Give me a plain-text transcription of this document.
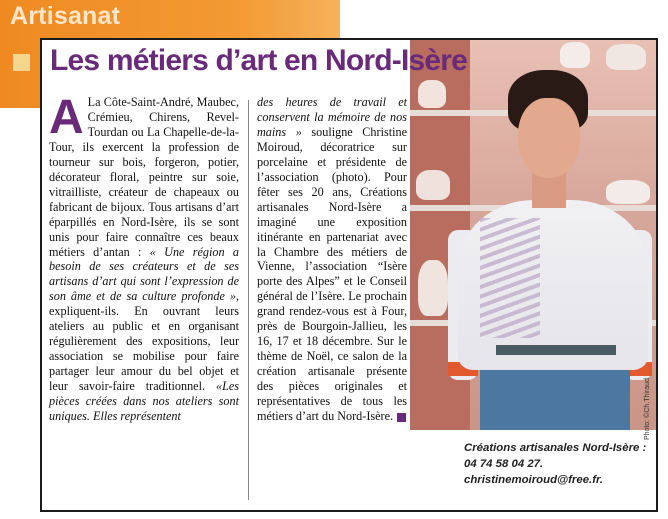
Artisanat
Les métiers d’art en Nord-Isère

A La Côte-Saint-André, Maubec, Crémieu, Chirens, Revel-Tourdan ou La Chapelle-de-la-Tour, ils exercent la profession de tourneur sur bois, forgeron, potier, décorateur floral, peintre sur soie, vitrailliste, créateur de chapeaux ou fabricant de bijoux. Tous artisans d’art éparpillés en Nord-Isère, ils se sont unis pour faire connaître ces beaux métiers d’antan : « Une région a besoin de ses créateurs et de ses artisans d’art qui sont l’expression de son âme et de sa culture profonde », expliquent-ils. En ouvrant leurs ateliers au public et en organisant régulièrement des expositions, leur association se mobilise pour faire partager leur amour du bel objet et leur savoir-faire traditionnel. «Les pièces créées dans nos ateliers sont uniques. Elles représentent

des heures de travail et conservent la mémoire de nos mains » souligne Christine Moiroud, décoratrice sur porcelaine et présidente de l’association (photo). Pour fêter ses 20 ans, Créations artisanales Nord-Isère a imaginé une exposition itinérante en partenariat avec la Chambre des métiers de Vienne, l’association “Isère porte des Alpes” et le Conseil général de l’Isère. Le prochain grand rendez-vous est à Four, près de Bourgoin-Jallieu, les 16, 17 et 18 décembre. Sur le thème de Noël, ce salon de la création artisanale présente des pièces originales et représentatives de tous les métiers d’art du Nord-Isère.	Photo: ©Ch.Thiraud
Créations artisanales Nord-Isère :
04 74 58 04 27.
christinemoiroud@free.fr.
